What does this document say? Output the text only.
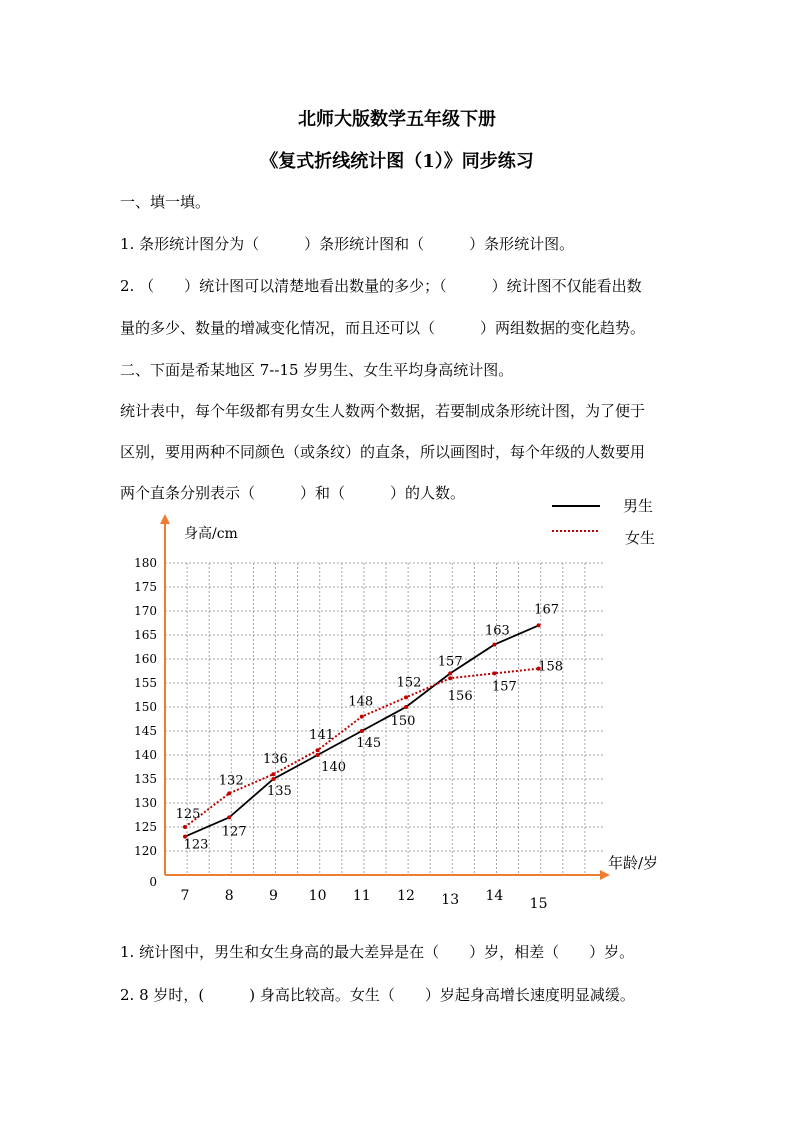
北师大版数学五年级下册
《复式折线统计图（1）》同步练习
一、填一填。
1. 条形统计图分为（　　　）条形统计图和（　　　）条形统计图。
2. （　　）统计图可以清楚地看出数量的多少；（　　　）统计图不仅能看出数
量的多少、数量的增减变化情况，而且还可以（　　　）两组数据的变化趋势。
二、下面是希某地区 7--15 岁男生、女生平均身高统计图。
统计表中，每个年级都有男女生人数两个数据，若要制成条形统计图，为了便于
区别，要用两种不同颜色（或条纹）的直条，所以画图时，每个年级的人数要用
两个直条分别表示（　　　）和（　　　）的人数。
1. 统计图中，男生和女生身高的最大差异是在（　　）岁，相差（　　）岁。
2. 8 岁时，(　　　) 身高比较高。女生（　　）岁起身高增长速度明显减缓。
身高/cm
年龄/岁
0
120
125
130
135
140
145
150
155
160
165
170
175
180
7	8	9 10 11 12 13 14 15
123
127
135
140
145
150
157
163
167
125
132
136
141
148
152
156
157
158
男生
女生
